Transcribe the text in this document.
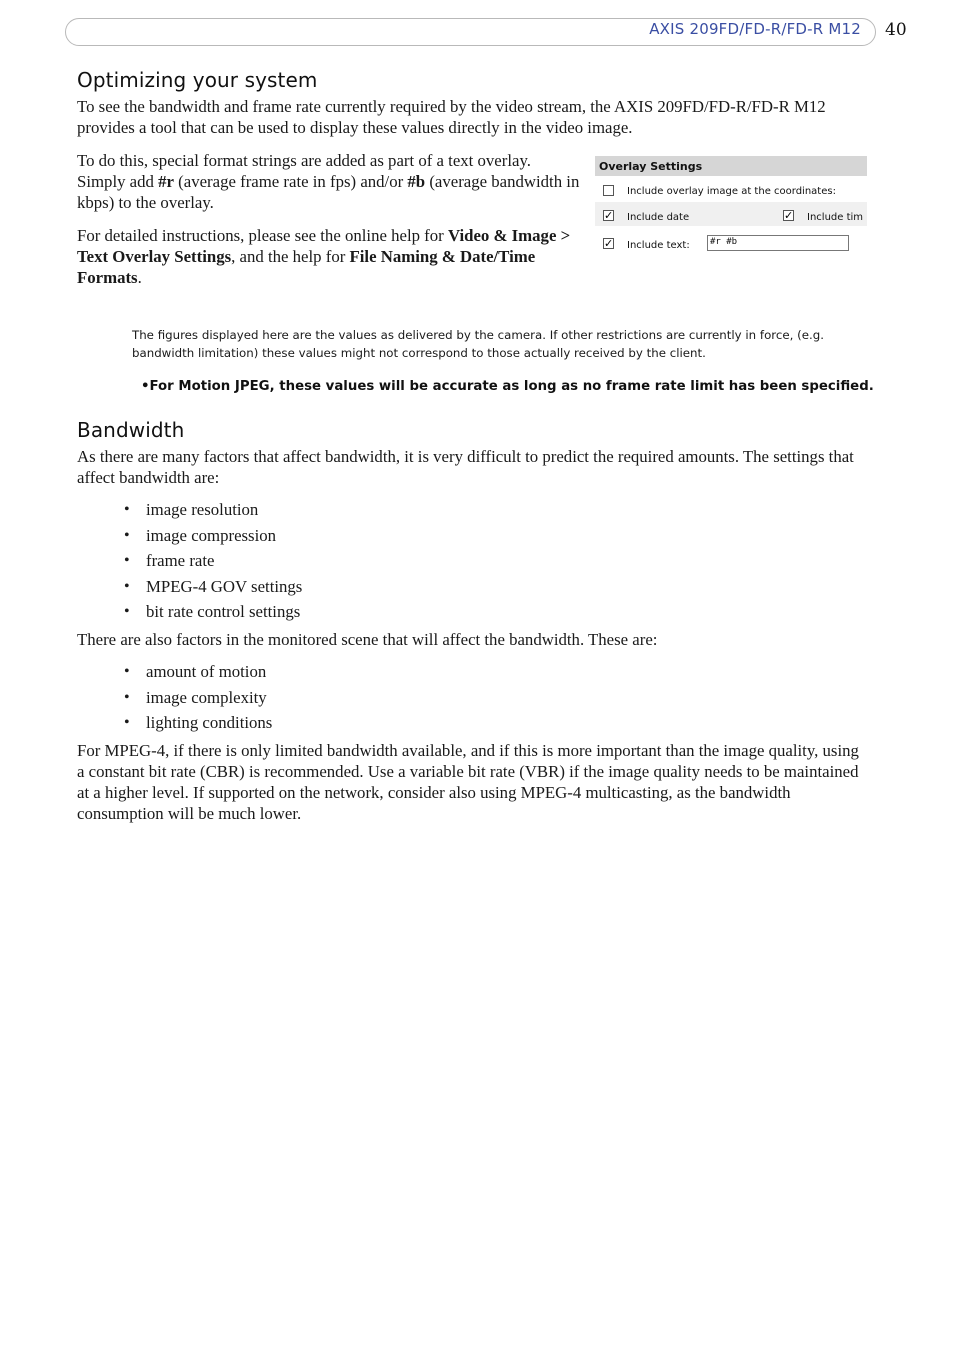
AXIS 209FD/FD-R/FD-R M12 40
Optimizing your system

To see the bandwidth and frame rate currently required by the video stream, the AXIS 209FD/FD-R/FD-R M12 provides a tool that can be used to display these values directly in the video image.

To do this, special format strings are added as part of a text overlay. Simply add #r (average frame rate in fps) and/or #b (average bandwidth in kbps) to the overlay.

For detailed instructions, please see the online help for Video & Image > Text Overlay Settings, and the help for File Naming & Date/Time Formats.

Overlay Settings
Include overlay image at the coordinates:
✓ Include date	✓ Include tim
✓ Include text:	#r #b
The figures displayed here are the values as delivered by the camera. If other restrictions are currently in force, (e.g. bandwidth limitation) these values might not correspond to those actually received by the client.
•For Motion JPEG, these values will be accurate as long as no frame rate limit has been specified.
Bandwidth

As there are many factors that affect bandwidth, it is very difficult to predict the required amounts. The settings that affect bandwidth are:

• image resolution
• image compression
• frame rate
• MPEG-4 GOV settings
• bit rate control settings

There are also factors in the monitored scene that will affect the bandwidth. These are:

• amount of motion
• image complexity
• lighting conditions

For MPEG-4, if there is only limited bandwidth available, and if this is more important than the image quality, using a constant bit rate (CBR) is recommended. Use a variable bit rate (VBR) if the image quality needs to be maintained at a higher level. If supported on the network, consider also using MPEG-4 multicasting, as the bandwidth consumption will be much lower.
